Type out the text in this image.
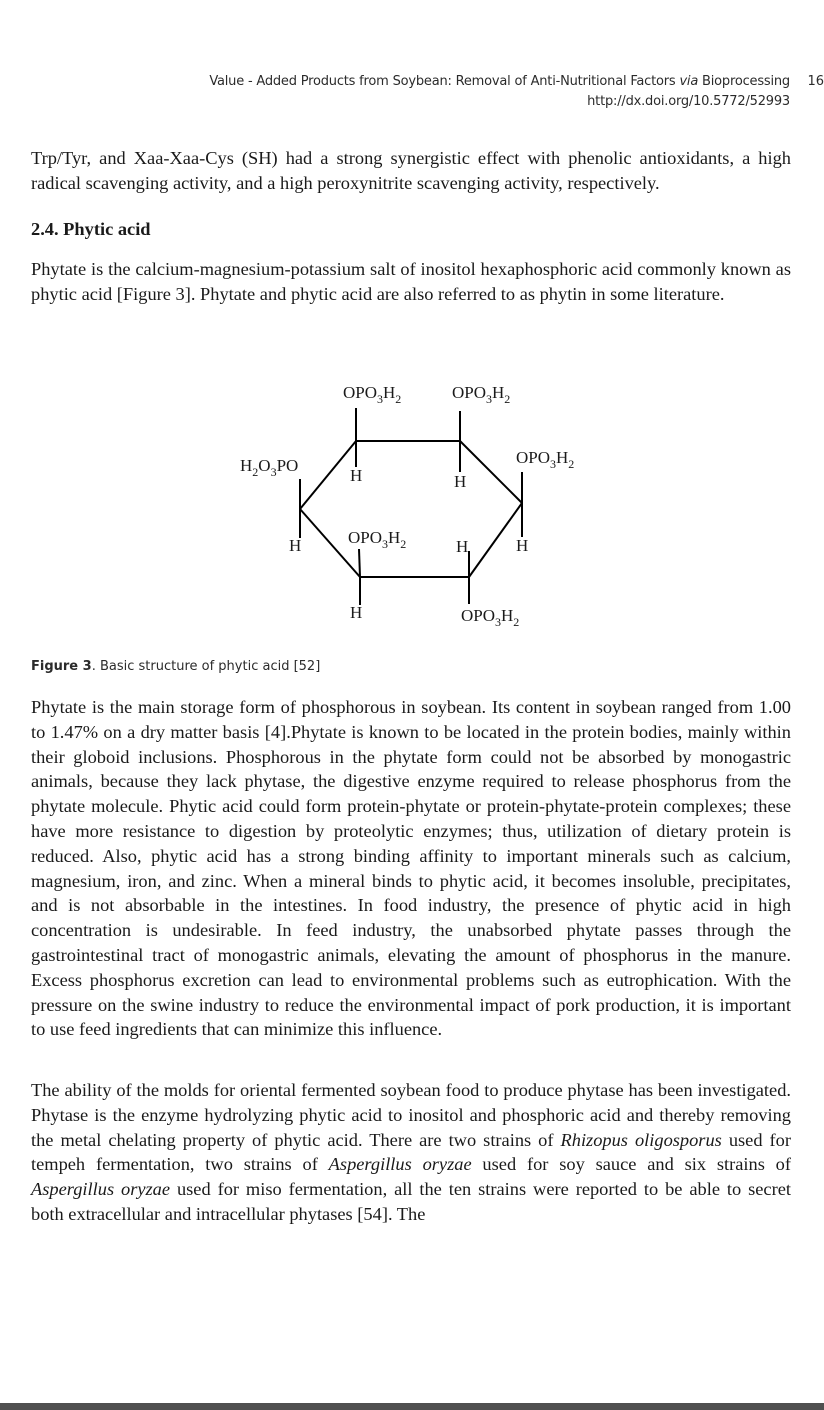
Value - Added Products from Soybean: Removal of Anti-Nutritional Factors via Bioprocessing
http://dx.doi.org/10.5772/52993
16
Trp/Tyr, and Xaa-Xaa-Cys (SH) had a strong synergistic effect with phenolic antioxidants, a high radical scavenging activity, and a high peroxynitrite scavenging activity, respectively.
2.4. Phytic acid
Phytate is the calcium-magnesium-potassium salt of inositol hexaphosphoric acid commonly known as phytic acid [Figure 3]. Phytate and phytic acid are also referred to as phytin in some literature.
$OPO_3H_2$	$OPO_3H_2$
$OPO_3H_2$
$H_2O_3PO$
$OPO_3H_2$
$OPO_3H_2$
H	H
H
H	H
H
Figure 3. Basic structure of phytic acid [52]
Phytate is the main storage form of phosphorous in soybean. Its content in soybean ranged from 1.00 to 1.47% on a dry matter basis [4].Phytate is known to be located in the protein bodies, mainly within their globoid inclusions. Phosphorous in the phytate form could not be absorbed by monogastric animals, because they lack phytase, the digestive enzyme required to release phosphorus from the phytate molecule. Phytic acid could form protein-phytate or protein-phytate-protein complexes; these have more resistance to digestion by proteolytic enzymes; thus, utilization of dietary protein is reduced. Also, phytic acid has a strong binding affinity to important minerals such as calcium, magnesium, iron, and zinc. When a mineral binds to phytic acid, it becomes insoluble, precipitates, and is not absorbable in the intestines. In food industry, the presence of phytic acid in high concentration is undesirable. In feed industry, the unabsorbed phytate passes through the gastrointestinal tract of monogastric animals, elevating the amount of phosphorus in the manure. Excess phosphorus excretion can lead to environmental problems such as eutrophication. With the pressure on the swine industry to reduce the environmental impact of pork production, it is important to use feed ingredients that can minimize this influence.
The ability of the molds for oriental fermented soybean food to produce phytase has been investigated. Phytase is the enzyme hydrolyzing phytic acid to inositol and phosphoric acid and thereby removing the metal chelating property of phytic acid. There are two strains of Rhizopus oligosporus used for tempeh fermentation, two strains of Aspergillus oryzae used for soy sauce and six strains of Aspergillus oryzae used for miso fermentation, all the ten strains were reported to be able to secret both extracellular and intracellular phytases [54]. The
